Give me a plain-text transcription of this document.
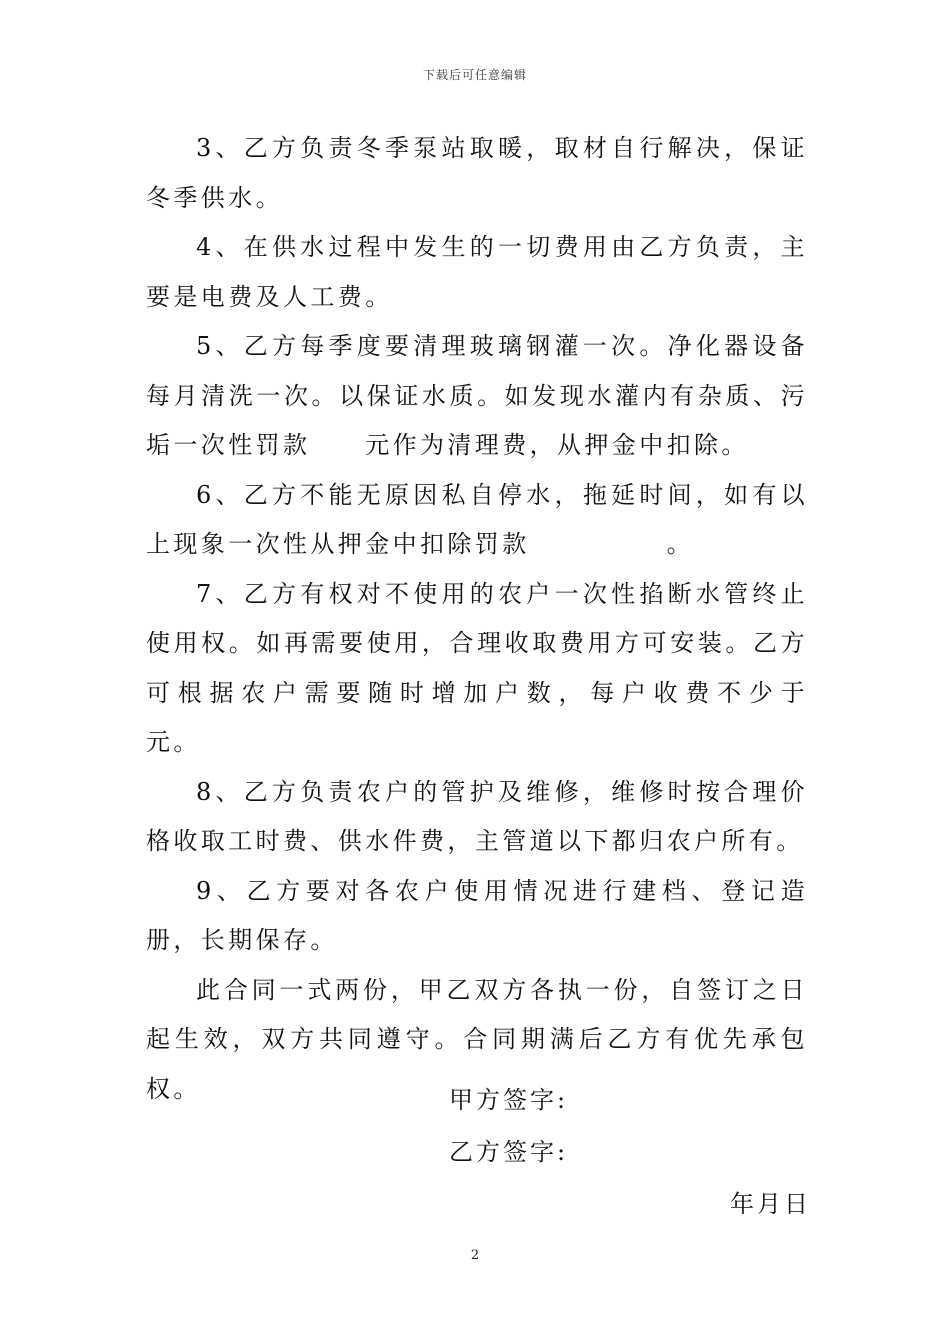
下载后可任意编辑

3、乙方负责冬季泵站取暖，取材自行解决，保证冬季供水。

4、在供水过程中发生的一切费用由乙方负责，主要是电费及人工费。

5、乙方每季度要清理玻璃钢灌一次。净化器设备每月清洗一次。以保证水质。如发现水灌内有杂质、污垢一次性罚款　　元作为清理费，从押金中扣除。

6、乙方不能无原因私自停水，拖延时间，如有以上现象一次性从押金中扣除罚款　　　　　。

7、乙方有权对不使用的农户一次性掐断水管终止使用权。如再需要使用，合理收取费用方可安装。乙方可根据农户需要随时增加户数，每户收费不少于　　　元。

8、乙方负责农户的管护及维修，维修时按合理价格收取工时费、供水件费，主管道以下都归农户所有。

9、乙方要对各农户使用情况进行建档、登记造册，长期保存。

此合同一式两份，甲乙双方各执一份，自签订之日起生效，双方共同遵守。合同期满后乙方有优先承包权。	甲方签字:
乙方签字:
年月日
2
